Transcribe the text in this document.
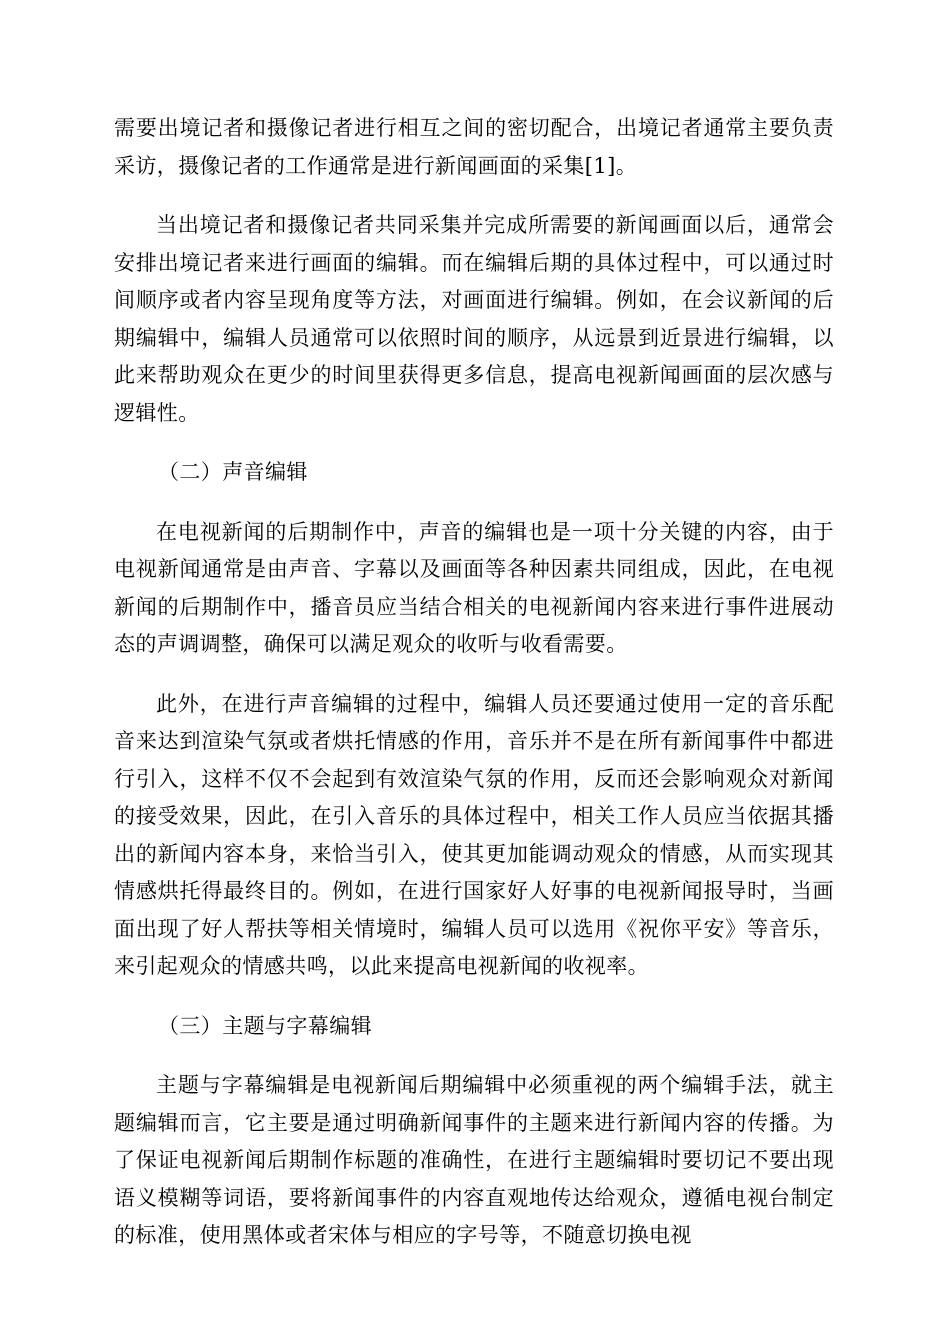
需要出境记者和摄像记者进行相互之间的密切配合，出境记者通常主要负责采访，摄像记者的工作通常是进行新闻画面的采集[1]。

当出境记者和摄像记者共同采集并完成所需要的新闻画面以后，通常会安排出境记者来进行画面的编辑。而在编辑后期的具体过程中，可以通过时间顺序或者内容呈现角度等方法，对画面进行编辑。例如，在会议新闻的后期编辑中，编辑人员通常可以依照时间的顺序，从远景到近景进行编辑，以此来帮助观众在更少的时间里获得更多信息，提高电视新闻画面的层次感与逻辑性。

（二）声音编辑

在电视新闻的后期制作中，声音的编辑也是一项十分关键的内容，由于电视新闻通常是由声音、字幕以及画面等各种因素共同组成，因此，在电视新闻的后期制作中，播音员应当结合相关的电视新闻内容来进行事件进展动态的声调调整，确保可以满足观众的收听与收看需要。

此外，在进行声音编辑的过程中，编辑人员还要通过使用一定的音乐配音来达到渲染气氛或者烘托情感的作用，音乐并不是在所有新闻事件中都进行引入，这样不仅不会起到有效渲染气氛的作用，反而还会影响观众对新闻的接受效果，因此，在引入音乐的具体过程中，相关工作人员应当依据其播出的新闻内容本身，来恰当引入，使其更加能调动观众的情感，从而实现其情感烘托得最终目的。例如，在进行国家好人好事的电视新闻报导时，当画面出现了好人帮扶等相关情境时，编辑人员可以选用《祝你平安》等音乐，来引起观众的情感共鸣，以此来提高电视新闻的收视率。

（三）主题与字幕编辑

主题与字幕编辑是电视新闻后期编辑中必须重视的两个编辑手法，就主题编辑而言，它主要是通过明确新闻事件的主题来进行新闻内容的传播。为了保证电视新闻后期制作标题的准确性，在进行主题编辑时要切记不要出现语义模糊等词语，要将新闻事件的内容直观地传达给观众，遵循电视台制定的标准，使用黑体或者宋体与相应的字号等，不随意切换电视
